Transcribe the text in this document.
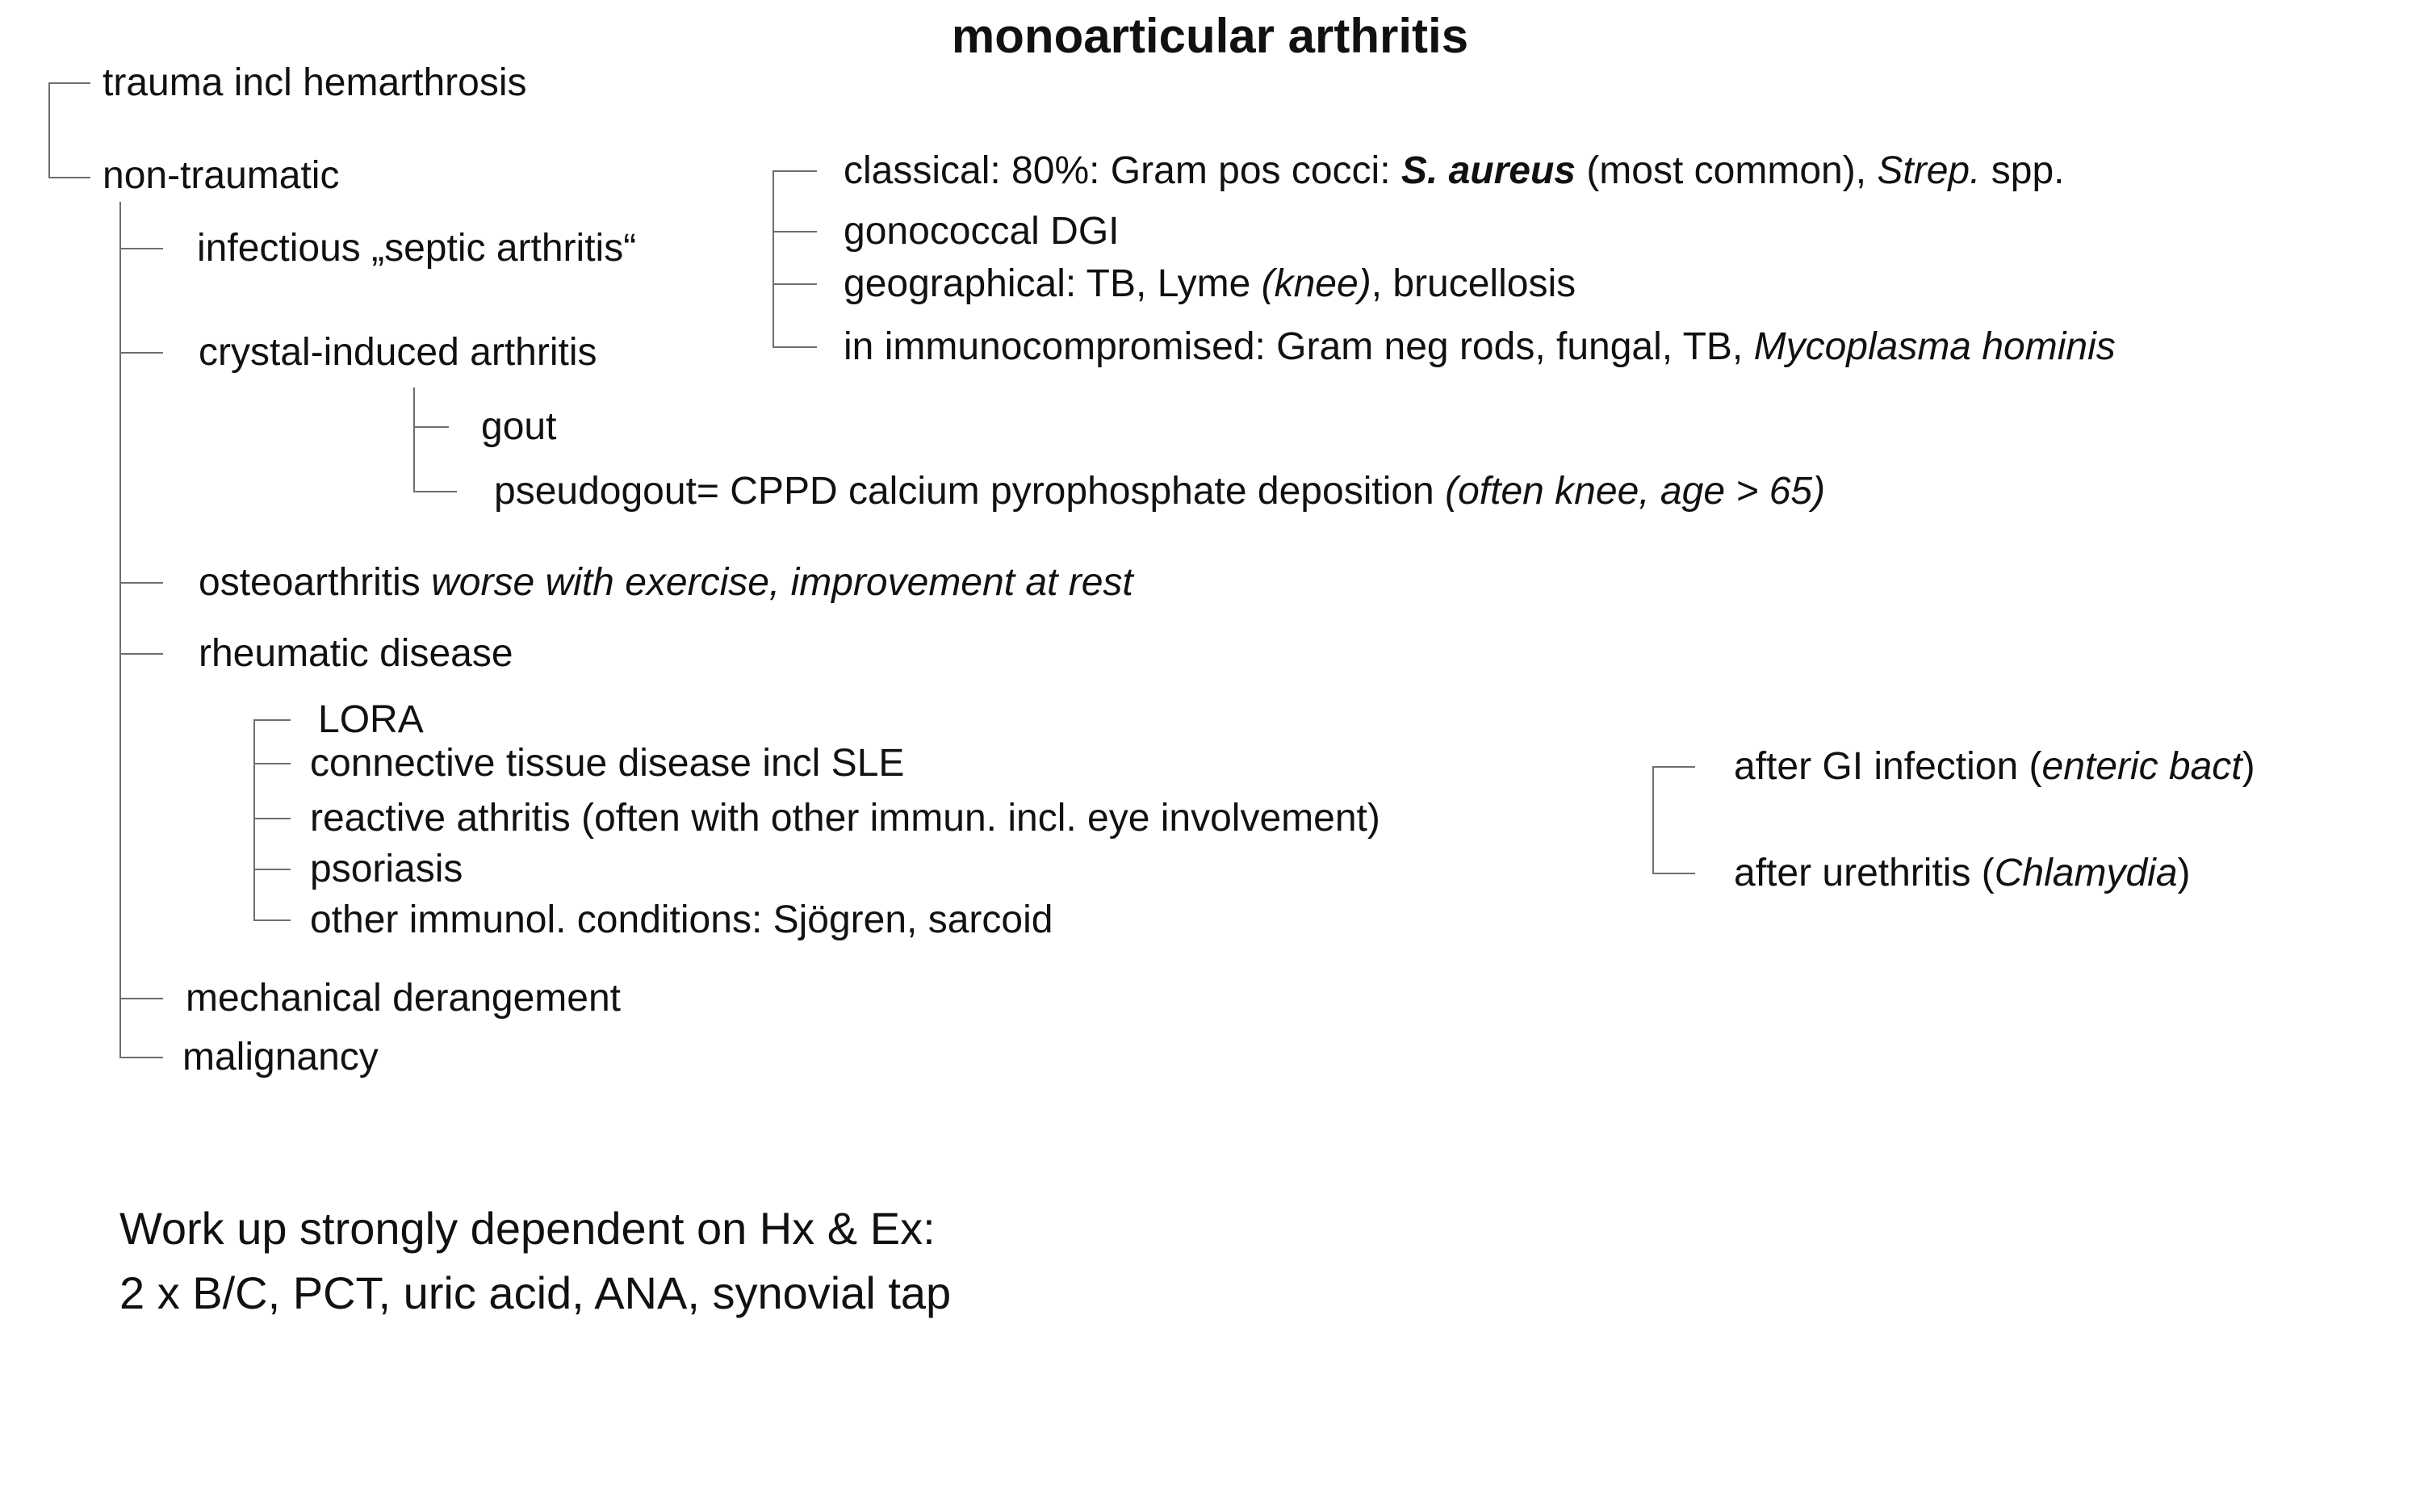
monoarticular arthritis
trauma incl hemarthrosis
non-traumatic
infectious „septic arthritis“
classical: 80%: Gram pos cocci: S. aureus (most common), Strep. spp.
gonococcal DGI
geographical: TB, Lyme (knee), brucellosis
in immunocompromised: Gram neg rods, fungal, TB, Mycoplasma hominis
crystal-induced arthritis
gout
pseudogout= CPPD calcium pyrophosphate deposition (often knee, age > 65)
osteoarthritis worse with exercise, improvement at rest
rheumatic disease
LORA
connective tissue disease incl SLE
reactive athritis (often with other immun. incl. eye involvement)
psoriasis
other immunol. conditions: Sjögren, sarcoid
after GI infection (enteric bact)
after urethritis (Chlamydia)
mechanical derangement
malignancy
Work up strongly dependent on Hx & Ex:
2 x B/C, PCT, uric acid, ANA, synovial tap
